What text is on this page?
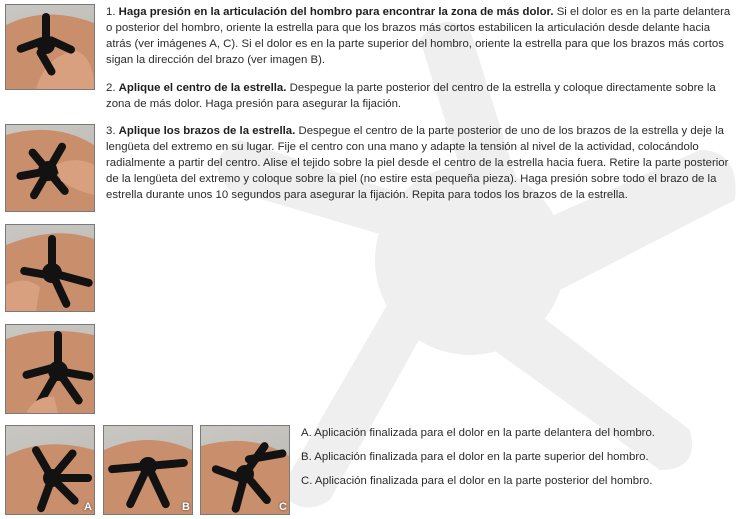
A	B	C

1. Haga presión en la articulación del hombro para encontrar la zona de más dolor. Si el dolor es en la parte delantera o posterior del hombro, oriente la estrella para que los brazos más cortos estabilicen la articulación desde delante hacia atrás (ver imágenes A, C). Si el dolor es en la parte superior del hombro, oriente la estrella para que los brazos más cortos sigan la dirección del brazo (ver imagen B).

2. Aplique el centro de la estrella. Despegue la parte posterior del centro de la estrella y coloque directamente sobre la zona de más dolor. Haga presión para asegurar la fijación.

3. Aplique los brazos de la estrella. Despegue el centro de la parte posterior de uno de los brazos de la estrella y deje la lengüeta del extremo en su lugar. Fije el centro con una mano y adapte la tensión al nivel de la actividad, colocándolo radialmente a partir del centro. Alise el tejido sobre la piel desde el centro de la estrella hacia fuera. Retire la parte posterior de la lengüeta del extremo y coloque sobre la piel (no estire esta pequeña pieza). Haga presión sobre todo el brazo de la estrella durante unos 10 segundos para asegurar la fijación. Repita para todos los brazos de la estrella.

A. Aplicación finalizada para el dolor en la parte delantera del hombro.
B. Aplicación finalizada para el dolor en la parte superior del hombro.
C. Aplicación finalizada para el dolor en la parte posterior del hombro.
